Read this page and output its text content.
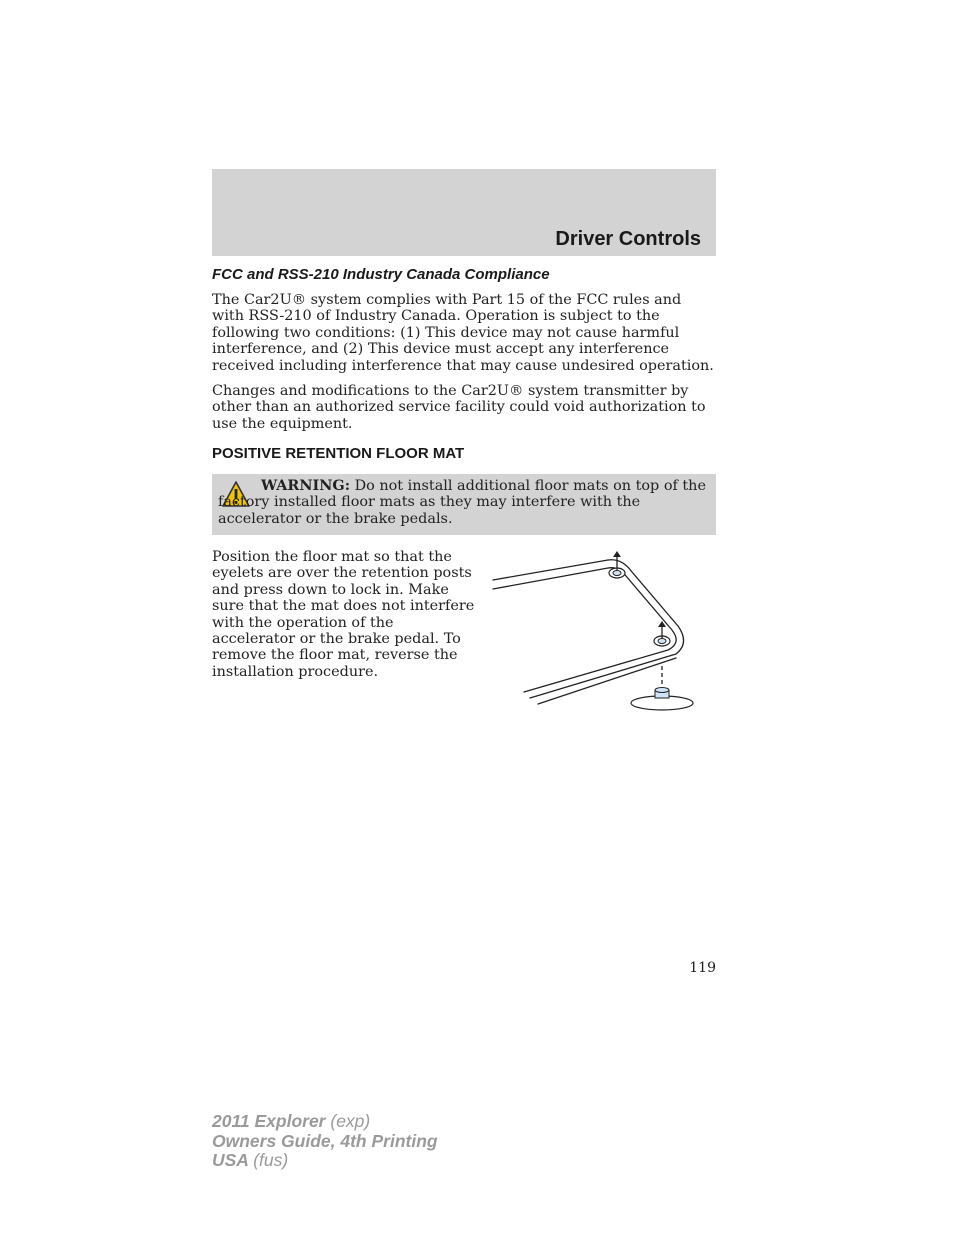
Driver Controls
FCC and RSS-210 Industry Canada Compliance

The Car2U® system complies with Part 15 of the FCC rules and with RSS-210 of Industry Canada. Operation is subject to the following two conditions: (1) This device may not cause harmful interference, and (2) This device must accept any interference received including interference that may cause undesired operation.

Changes and modifications to the Car2U® system transmitter by other than an authorized service facility could void authorization to use the equipment.

POSITIVE RETENTION FLOOR MAT

WARNING: Do not install additional floor mats on top of the factory installed floor mats as they may interfere with the accelerator or the brake pedals.

Position the floor mat so that the eyelets are over the retention posts and press down to lock in. Make sure that the mat does not interfere with the operation of the accelerator or the brake pedal. To remove the floor mat, reverse the installation procedure.

119
2011 Explorer (exp)
Owners Guide, 4th Printing
USA (fus)
